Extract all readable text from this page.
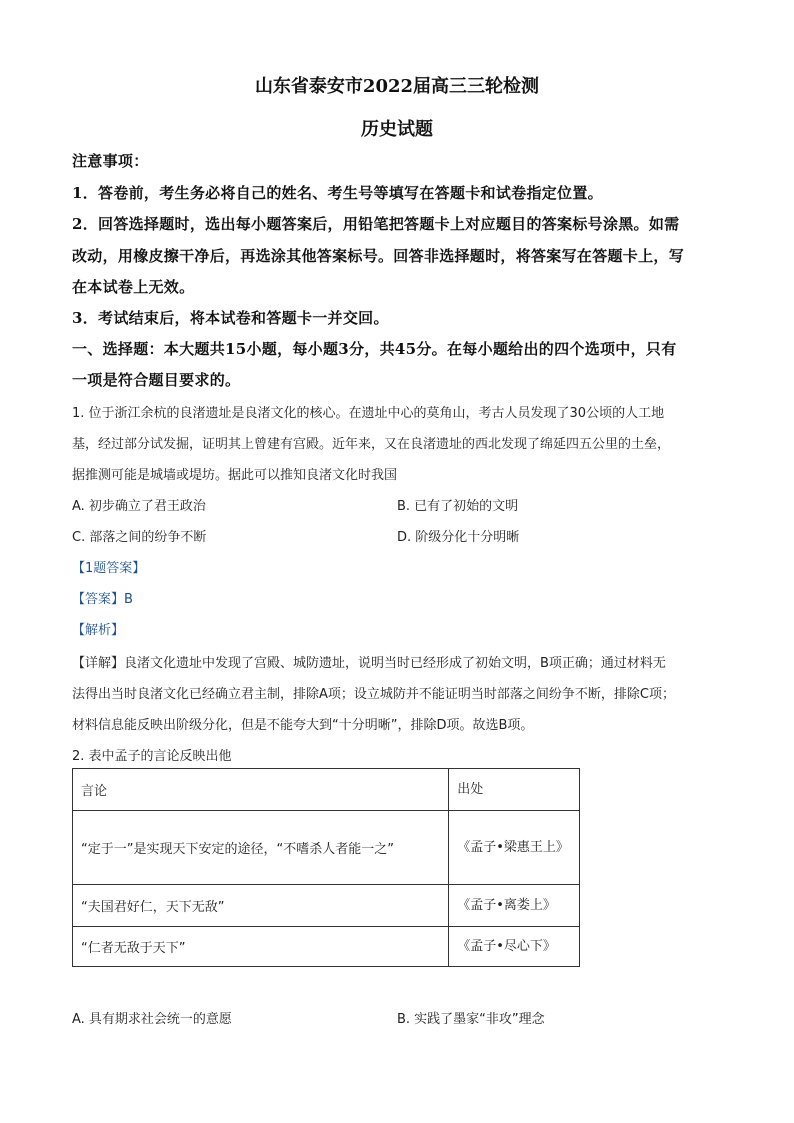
山东省泰安市2022届高三三轮检测
历史试题
注意事项：
1．答卷前，考生务必将自己的姓名、考生号等填写在答题卡和试卷指定位置。
2．回答选择题时，选出每小题答案后，用铅笔把答题卡上对应题目的答案标号涂黑。如需
改动，用橡皮擦干净后，再选涂其他答案标号。回答非选择题时，将答案写在答题卡上，写
在本试卷上无效。
3．考试结束后，将本试卷和答题卡一并交回。
一、选择题：本大题共15小题，每小题3分，共45分。在每小题给出的四个选项中，只有
一项是符合题目要求的。
1. 位于浙江余杭的良渚遗址是良渚文化的核心。在遗址中心的莫角山，考古人员发现了30公顷的人工地
基，经过部分试发掘，证明其上曾建有宫殿。近年来，又在良渚遗址的西北发现了绵延四五公里的土垒，
据推测可能是城墙或堤坊。据此可以推知良渚文化时我国
A. 初步确立了君王政治	B. 已有了初始的文明
C. 部落之间的纷争不断	D. 阶级分化十分明晰
【1题答案】
【答案】B
【解析】
【详解】良渚文化遗址中发现了宫殿、城防遗址，说明当时已经形成了初始文明，B项正确；通过材料无
法得出当时良渚文化已经确立君主制，排除A项；设立城防并不能证明当时部落之间纷争不断，排除C项；
材料信息能反映出阶级分化，但是不能夸大到“十分明晰”，排除D项。故选B项。
2. 表中孟子的言论反映出他
言论	出处
“定于一”是实现天下安定的途径，“不嗜杀人者能一之”	《孟子•梁惠王上》
“夫国君好仁，天下无敌”	《孟子•离娄上》
“仁者无敌于天下”	《孟子•尽心下》
A. 具有期求社会统一的意愿	B. 实践了墨家“非攻”理念
